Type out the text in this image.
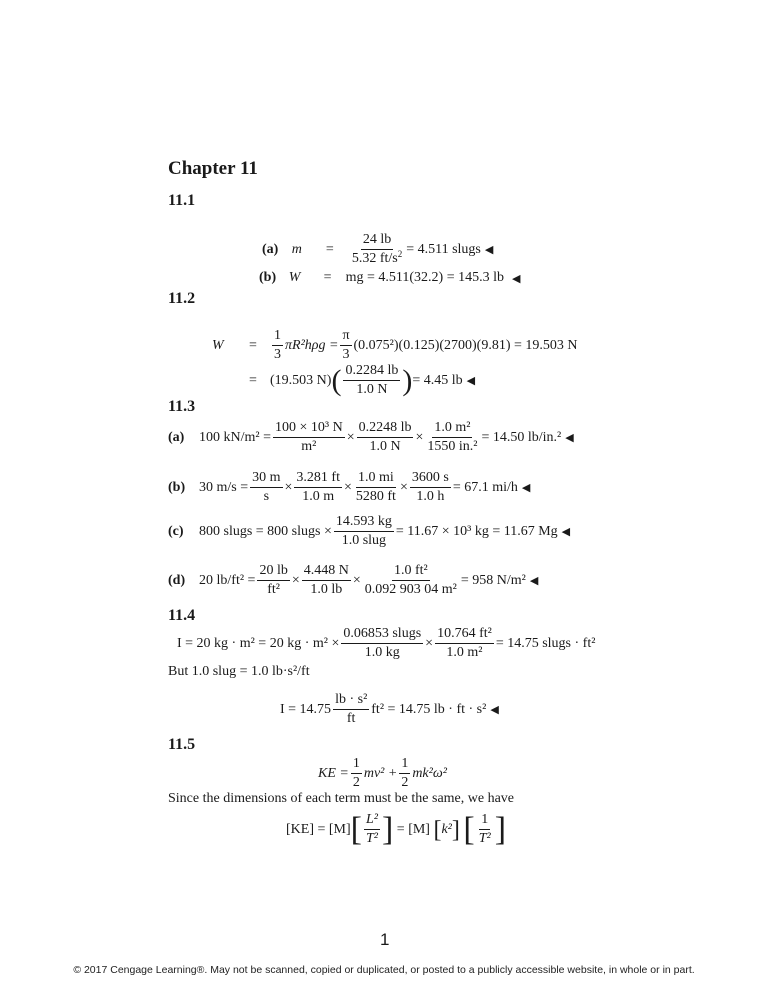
Chapter 11
11.1
(a)
m	=	$\frac{24 lb}{5.32 ft/s^2} = 4.511$ slugs ◀
(b)
W	=	mg = 4.511(32.2) = 145.3 lb ◀
11.2
W	=	$\frac{1}{3} \pi R^2h\rho g = \frac{\pi}{3} (0.075^2)(0.125)(2700)(9.81) = 19.503$ N
= (19.503 N) ( $\frac{0.2284 lb}{1.0 N}$ ) = 4.45 lb ◀
11.3
(a)	100 $kN/m^2 = \frac{\text{100 × 10³ N}}{\text{m²}} \times \frac{0.2248 lb}{1.0 N} \times \frac{\text{1.0 m²}}{\text{1550 in.²}} = 14.50$ lb/in.² ◀
(b) 30 $m/s = \frac{30 m}{s} \times \frac{3.281 ft}{1.0 m} \times \frac{1.0 mi}{5280 ft} \times \frac{3600 s}{1.0 h} = 67.1$ mi/h ◀
(c)	800 slugs = 800 slugs × $\frac{14.593 kg}{\text{1.0 slug}} = 11.67 \times 10^3$ kg = 11.67 Mg ◀
(d) 20 $lb/ft^2 = \frac{20 lb}{\text{ft²}} \times \frac{4.448 N}{1.0 lb} \times \frac{\text{1.0 ft²}}{\text{0.092 903 04 m²}} = 958$ N/m² ◀
11.4
I = 20 kg · m² = 20 kg · $m^2 \times \frac{\text{0.06853 slugs}}{1.0 kg} \times \frac{\text{10.764 ft²}}{\text{1.0 m²}} = 14.75$ slugs · ft²
But 1.0 slug = 1.0 lb·s²/ft
$I = 14.75 \frac{\text{lb · s²}}{ft} ft^2 = 14.75$ lb · ft · s² ◀
11.5
KE = $\frac{1}{2} mv^2 + \frac{1}{2} mk^2\omega^2$
Since the dimensions of each term must be the same, we have
[KE] = [M] [ $\frac{\text{L²}}{\text{T²}}$ ]
= [M]
[ k² ]
[ $\frac{1}{\text{T²}}$ ]
1
© 2017 Cengage Learning®. May not be scanned, copied or duplicated, or posted to a publicly accessible website, in whole or in part.
